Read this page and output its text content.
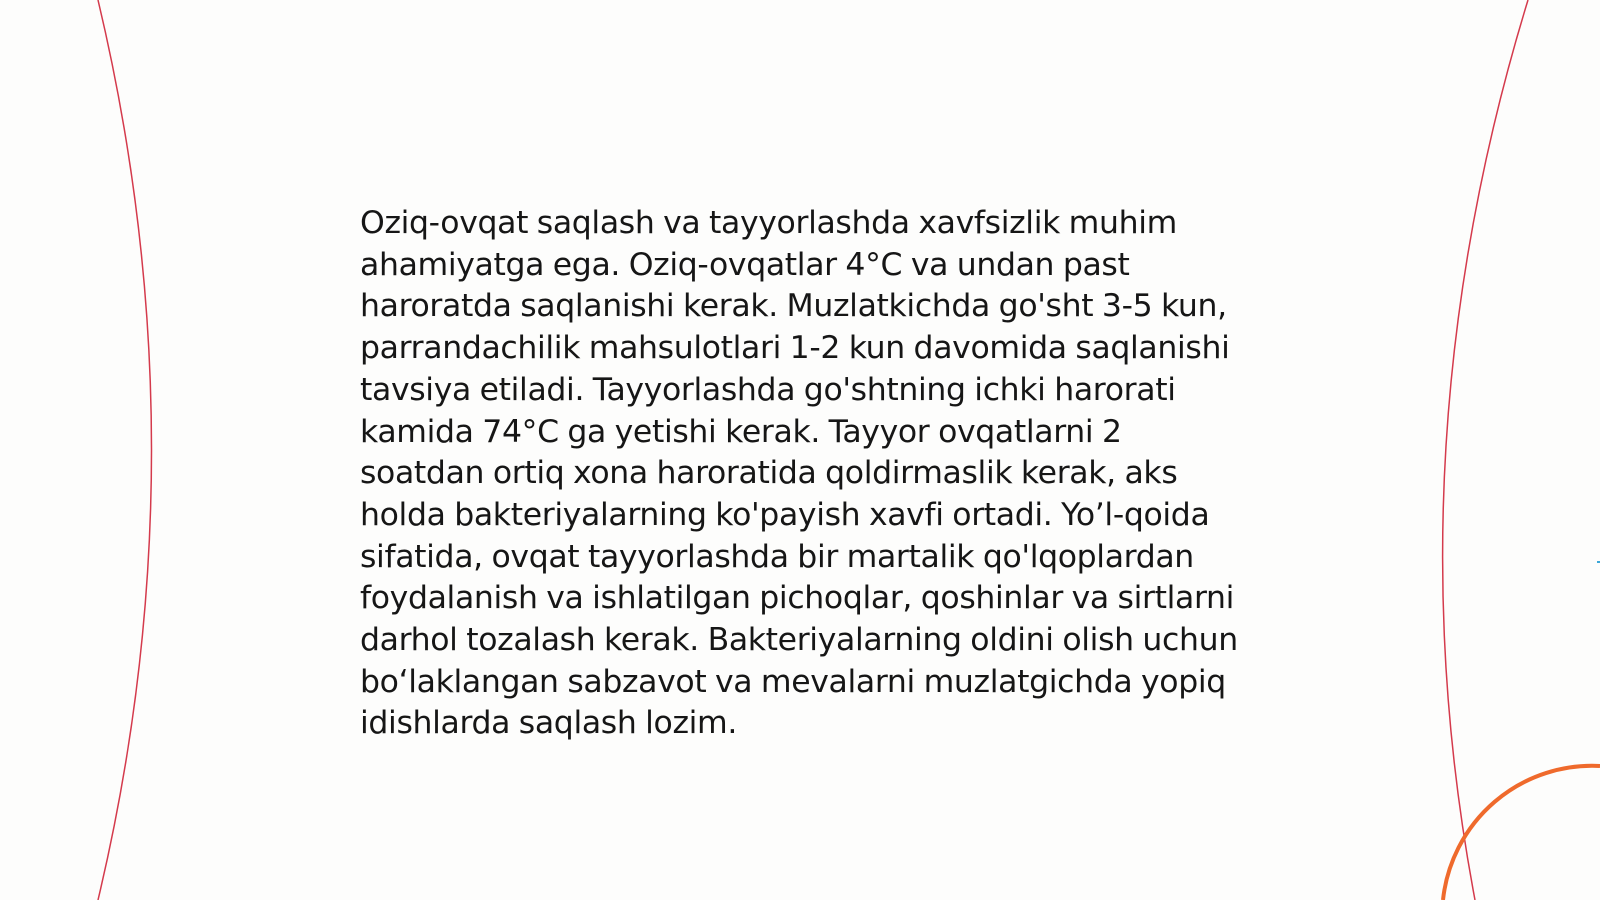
Oziq-ovqat saqlash va tayyorlashda xavfsizlik muhim ahamiyatga ega. Oziq-ovqatlar 4°C va undan past haroratda saqlanishi kerak. Muzlatkichda go'sht 3-5 kun, parrandachilik mahsulotlari 1-2 kun davomida saqlanishi tavsiya etiladi. Tayyorlashda go'shtning ichki harorati kamida 74°C ga yetishi kerak. Tayyor ovqatlarni 2 soatdan ortiq xona haroratida qoldirmaslik kerak, aks holda bakteriyalarning ko'payish xavfi ortadi. Yo’l-qoida sifatida, ovqat tayyorlashda bir martalik qo'lqoplardan foydalanish va ishlatilgan pichoqlar, qoshinlar va sirtlarni darhol tozalash kerak. Bakteriyalarning oldini olish uchun bo‘laklangan sabzavot va mevalarni muzlatgichda yopiq idishlarda saqlash lozim.
